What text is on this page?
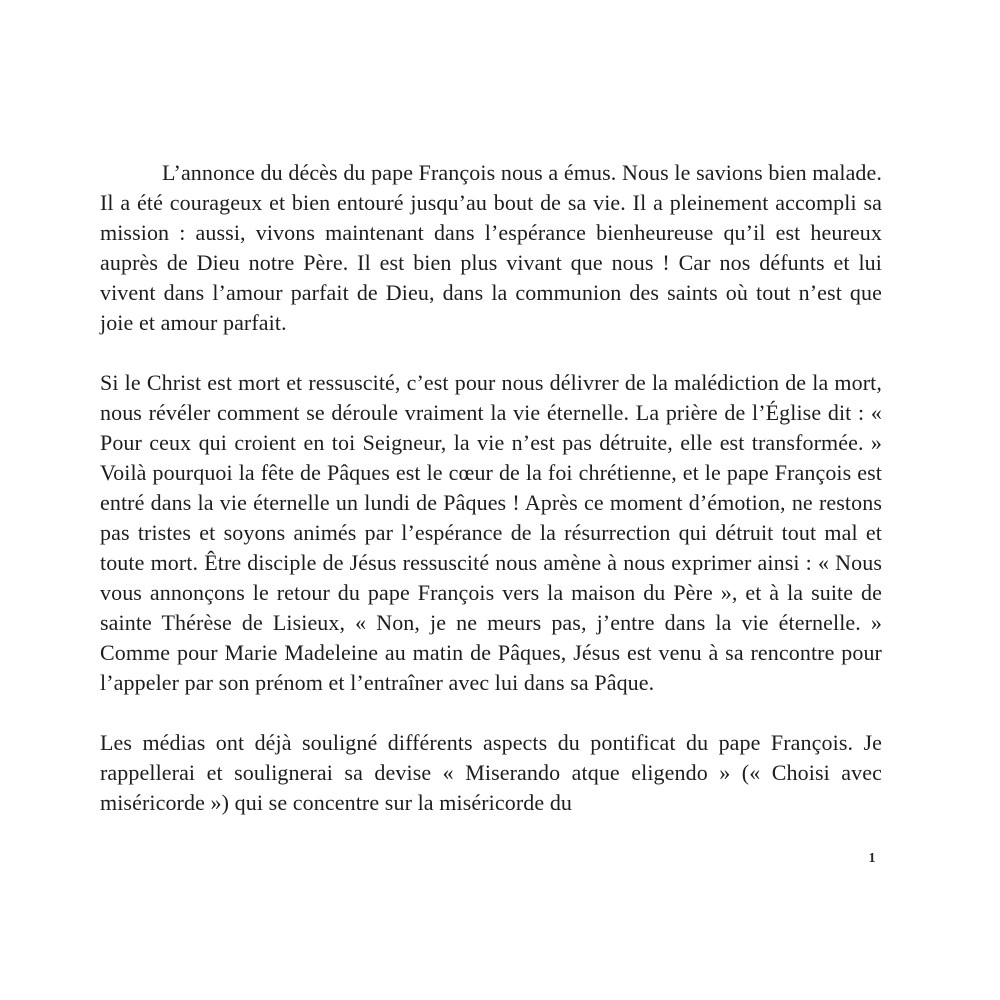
L’annonce du décès du pape François nous a émus. Nous le savions bien malade. Il a été courageux et bien entouré jusqu’au bout de sa vie. Il a pleinement accompli sa mission : aussi, vivons maintenant dans l’espérance bienheureuse qu’il est heureux auprès de Dieu notre Père. Il est bien plus vivant que nous ! Car nos défunts et lui vivent dans l’amour parfait de Dieu, dans la communion des saints où tout n’est que joie et amour parfait.

Si le Christ est mort et ressuscité, c’est pour nous délivrer de la malédiction de la mort, nous révéler comment se déroule vraiment la vie éternelle. La prière de l’Église dit : « Pour ceux qui croient en toi Seigneur, la vie n’est pas détruite, elle est transformée. » Voilà pourquoi la fête de Pâques est le cœur de la foi chrétienne, et le pape François est entré dans la vie éternelle un lundi de Pâques ! Après ce moment d’émotion, ne restons pas tristes et soyons animés par l’espérance de la résurrection qui détruit tout mal et toute mort. Être disciple de Jésus ressuscité nous amène à nous exprimer ainsi : « Nous vous annonçons le retour du pape François vers la maison du Père », et à la suite de sainte Thérèse de Lisieux, « Non, je ne meurs pas, j’entre dans la vie éternelle. » Comme pour Marie Madeleine au matin de Pâques, Jésus est venu à sa rencontre pour l’appeler par son prénom et l’entraîner avec lui dans sa Pâque.

Les médias ont déjà souligné différents aspects du pontificat du pape François. Je rappellerai et soulignerai sa devise « Miserando atque eligendo » (« Choisi avec miséricorde ») qui se concentre sur la miséricorde du

1
